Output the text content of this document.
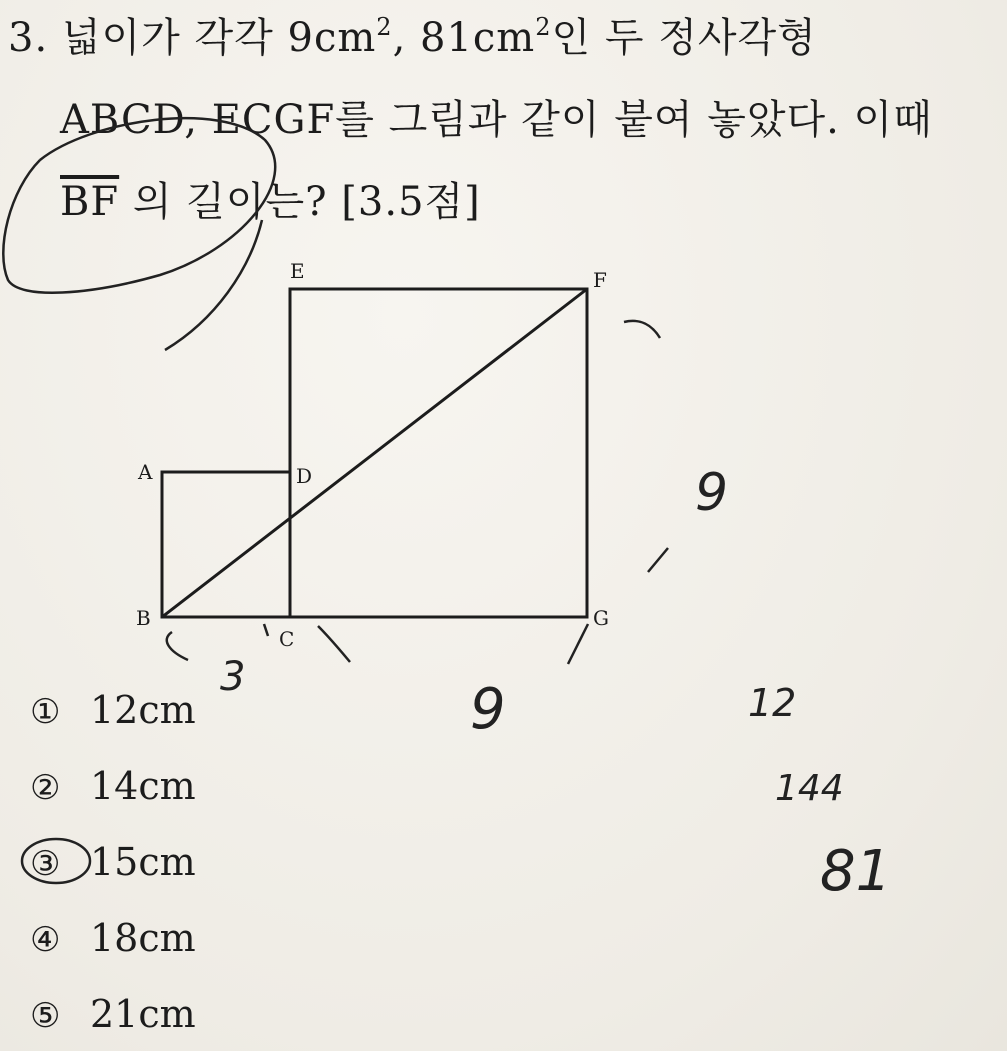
3. 넓이가 각각 $9cm^2$, $81cm^2$인 두 정사각형
ABCD, ECGF를 그림과 같이 붙여 놓았다. 이때
$\overline{BF}$ 의 길이는? [3.5점]
A
B
C
D
E	F
G
① 12cm
② 14cm
③ 15cm
④ 18cm
⑤ 21cm
3	9
9
12
144
81
